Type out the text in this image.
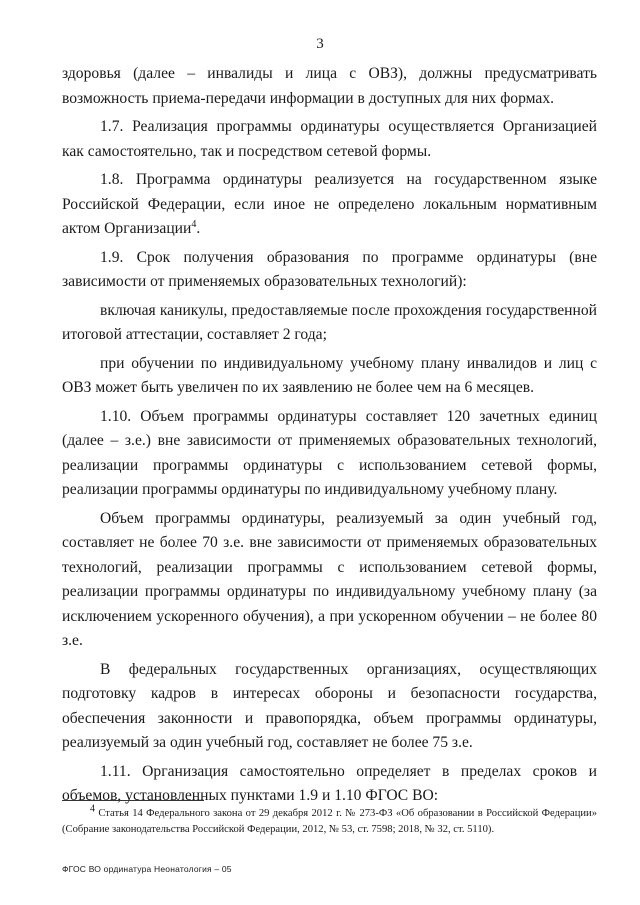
3

здоровья (далее – инвалиды и лица с ОВЗ), должны предусматривать возможность приема-передачи информации в доступных для них формах.

1.7. Реализация программы ординатуры осуществляется Организацией как самостоятельно, так и посредством сетевой формы.

1.8. Программа ординатуры реализуется на государственном языке Российской Федерации, если иное не определено локальным нормативным актом Организации$^4$.

1.9. Срок получения образования по программе ординатуры (вне зависимости от применяемых образовательных технологий):

включая каникулы, предоставляемые после прохождения государственной итоговой аттестации, составляет 2 года;

при обучении по индивидуальному учебному плану инвалидов и лиц с ОВЗ может быть увеличен по их заявлению не более чем на 6 месяцев.

1.10. Объем программы ординатуры составляет 120 зачетных единиц (далее – з.е.) вне зависимости от применяемых образовательных технологий, реализации программы ординатуры с использованием сетевой формы, реализации программы ординатуры по индивидуальному учебному плану.

Объем программы ординатуры, реализуемый за один учебный год, составляет не более 70 з.е. вне зависимости от применяемых образовательных технологий, реализации программы с использованием сетевой формы, реализации программы ординатуры по индивидуальному учебному плану (за исключением ускоренного обучения), а при ускоренном обучении – не более 80 з.е.

В федеральных государственных организациях, осуществляющих подготовку кадров в интересах обороны и безопасности государства, обеспечения законности и правопорядка, объем программы ординатуры, реализуемый за один учебный год, составляет не более 75 з.е.

1.11. Организация самостоятельно определяет в пределах сроков и объемов, установленных пунктами 1.9 и 1.10 ФГОС ВО:

$^4$ Статья 14 Федерального закона от 29 декабря 2012 г. № 273-ФЗ «Об образовании в Российской Федерации» (Собрание законодательства Российской Федерации, 2012, № 53, ст. 7598; 2018, № 32, ст. 5110).
ФГОС ВО ординатура Неонатология – 05
